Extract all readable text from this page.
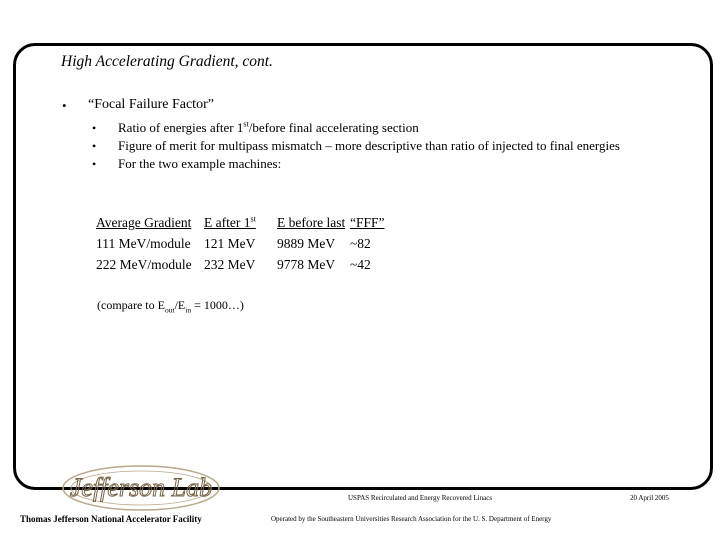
High Accelerating Gradient, cont.
• “Focal Failure Factor”
• Ratio of energies after 1st/before final accelerating section
• Figure of merit for multipass mismatch – more descriptive than ratio of injected to final energies
• For the two example machines:
Average Gradient E after 1st E before last “FFF”
111 MeV/module 121 MeV 9889 MeV ~82
222 MeV/module 232 MeV 9778 MeV ~42
(compare to $E_{out}/E_{in}$ = 1000…)
Jefferson Lab
Thomas Jefferson National Accelerator Facility
USPAS Recirculated and Energy Recovered Linacs
Operated by the Southeastern Universities Research Association for the U. S. Department of Energy
20 April 2005
